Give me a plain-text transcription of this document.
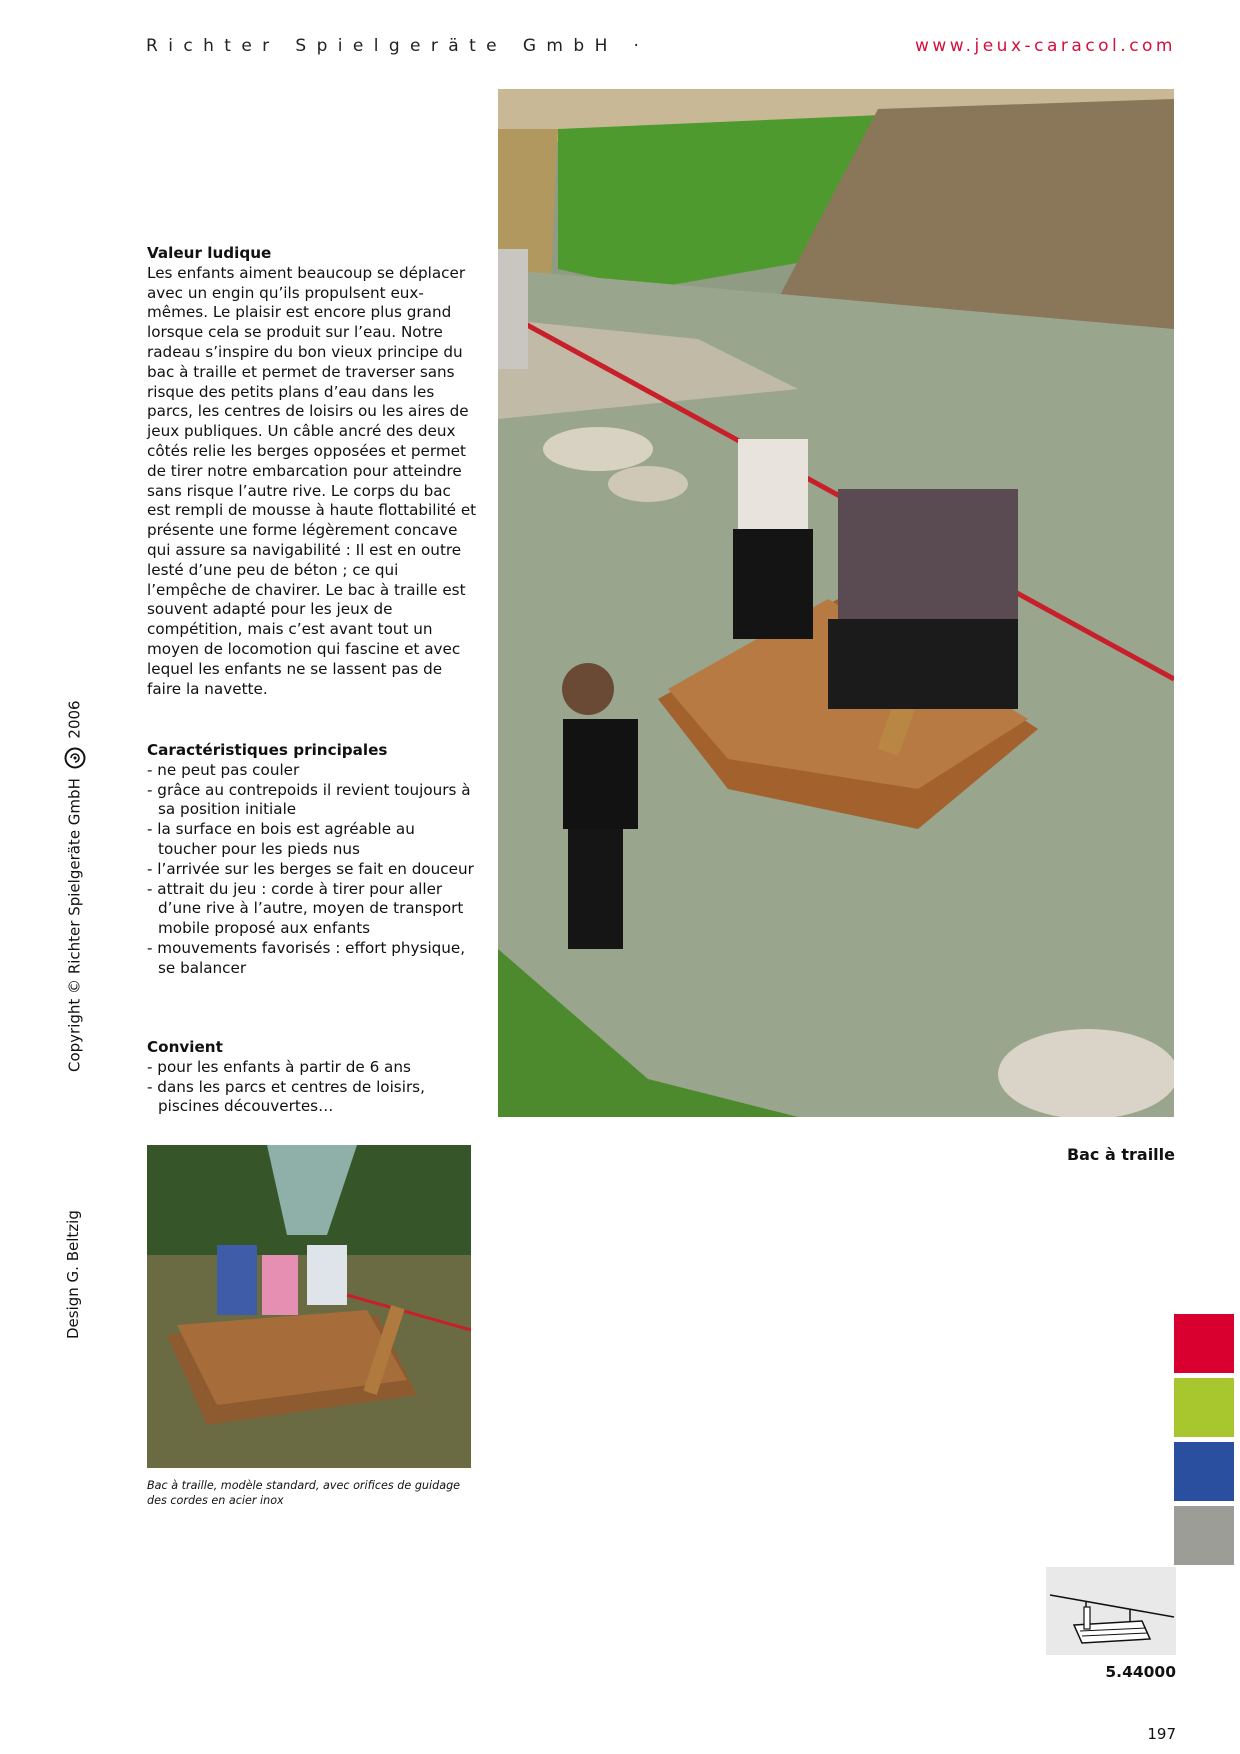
Richter Spielgeräte GmbH ·	www.jeux-caracol.com
Valeur ludique

Les enfants aiment beaucoup se déplacer avec un engin qu’ils propulsent eux-mêmes. Le plaisir est encore plus grand lorsque cela se produit sur l’eau. Notre radeau s’inspire du bon vieux principe du bac à traille et permet de traverser sans risque des petits plans d’eau dans les parcs, les centres de loisirs ou les aires de jeux publiques. Un câble ancré des deux côtés relie les berges opposées et permet de tirer notre embarcation pour atteindre sans risque l’autre rive. Le corps du bac est rempli de mousse à haute flottabilité et présente une forme légèrement concave qui assure sa navigabilité : Il est en outre lesté d’une peu de béton ; ce qui l’empêche de chavirer. Le bac à traille est souvent adapté pour les jeux de compétition, mais c’est avant tout un moyen de locomotion qui fascine et avec lequel les enfants ne se lassent pas de faire la navette.

Caractéristiques principales
- ne peut pas couler
- grâce au contrepoids il revient toujours à sa position initiale
- la surface en bois est agréable au toucher pour les pieds nus
- l’arrivée sur les berges se fait en douceur
- attrait du jeu : corde à tirer pour aller d’une rive à l’autre, moyen de transport mobile proposé aux enfants
- mouvements favorisés : effort physique, se balancer
Convient
- pour les enfants à partir de 6 ans
- dans les parcs et centres de loisirs, piscines découvertes…
Bac à traille, modèle standard, avec orifices de guidage des cordes en acier inox
Bac à traille
Copyright © Richter Spielgeräte GmbH  2006
Design G. Beltzig
5.44000
197
